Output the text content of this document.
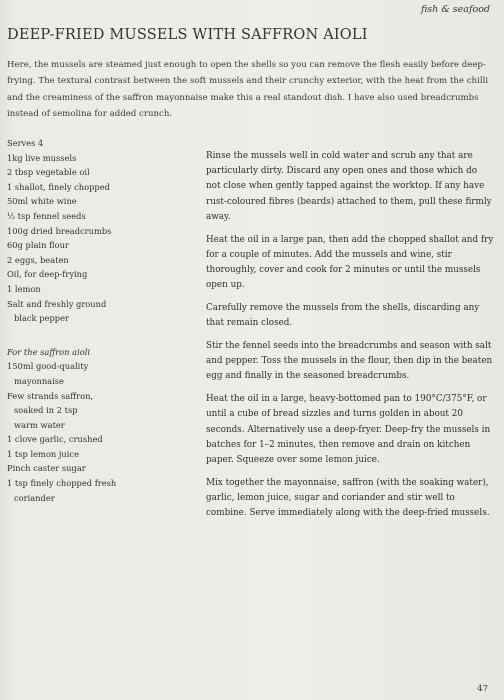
fish & seafood
DEEP-FRIED MUSSELS WITH SAFFRON AIOLI

Here, the mussels are steamed just enough to open the shells so you can remove the flesh easily before deep-frying. The textural contrast between the soft mussels and their crunchy exterior, with the heat from the chilli and the creaminess of the saffron mayonnaise make this a real standout dish. I have also used breadcrumbs instead of semolina for added crunch.

Serves 4
1kg live mussels
2 tbsp vegetable oil
1 shallot, finely chopped
50ml white wine
½ tsp fennel seeds
100g dried breadcrumbs
60g plain flour
2 eggs, beaten
Oil, for deep-frying
1 lemon
Salt and freshly ground
black pepper
For the saffron aioli
150ml good-quality
mayonnaise
Few strands saffron,
soaked in 2 tsp
warm water
1 clove garlic, crushed
1 tsp lemon juice
Pinch caster sugar
1 tsp finely chopped fresh
coriander

Rinse the mussels well in cold water and scrub any that are particularly dirty. Discard any open ones and those which do not close when gently tapped against the worktop. If any have rust-coloured fibres (beards) attached to them, pull these firmly away.

Heat the oil in a large pan, then add the chopped shallot and fry for a couple of minutes. Add the mussels and wine, stir thoroughly, cover and cook for 2 minutes or until the mussels open up.

Carefully remove the mussels from the shells, discarding any that remain closed.

Stir the fennel seeds into the breadcrumbs and season with salt and pepper. Toss the mussels in the flour, then dip in the beaten egg and finally in the seasoned breadcrumbs.

Heat the oil in a large, heavy-bottomed pan to 190°C/375°F, or until a cube of bread sizzles and turns golden in about 20 seconds. Alternatively use a deep-fryer. Deep-fry the mussels in batches for 1–2 minutes, then remove and drain on kitchen paper. Squeeze over some lemon juice.

Mix together the mayonnaise, saffron (with the soaking water), garlic, lemon juice, sugar and coriander and stir well to combine. Serve immediately along with the deep-fried mussels.

47
